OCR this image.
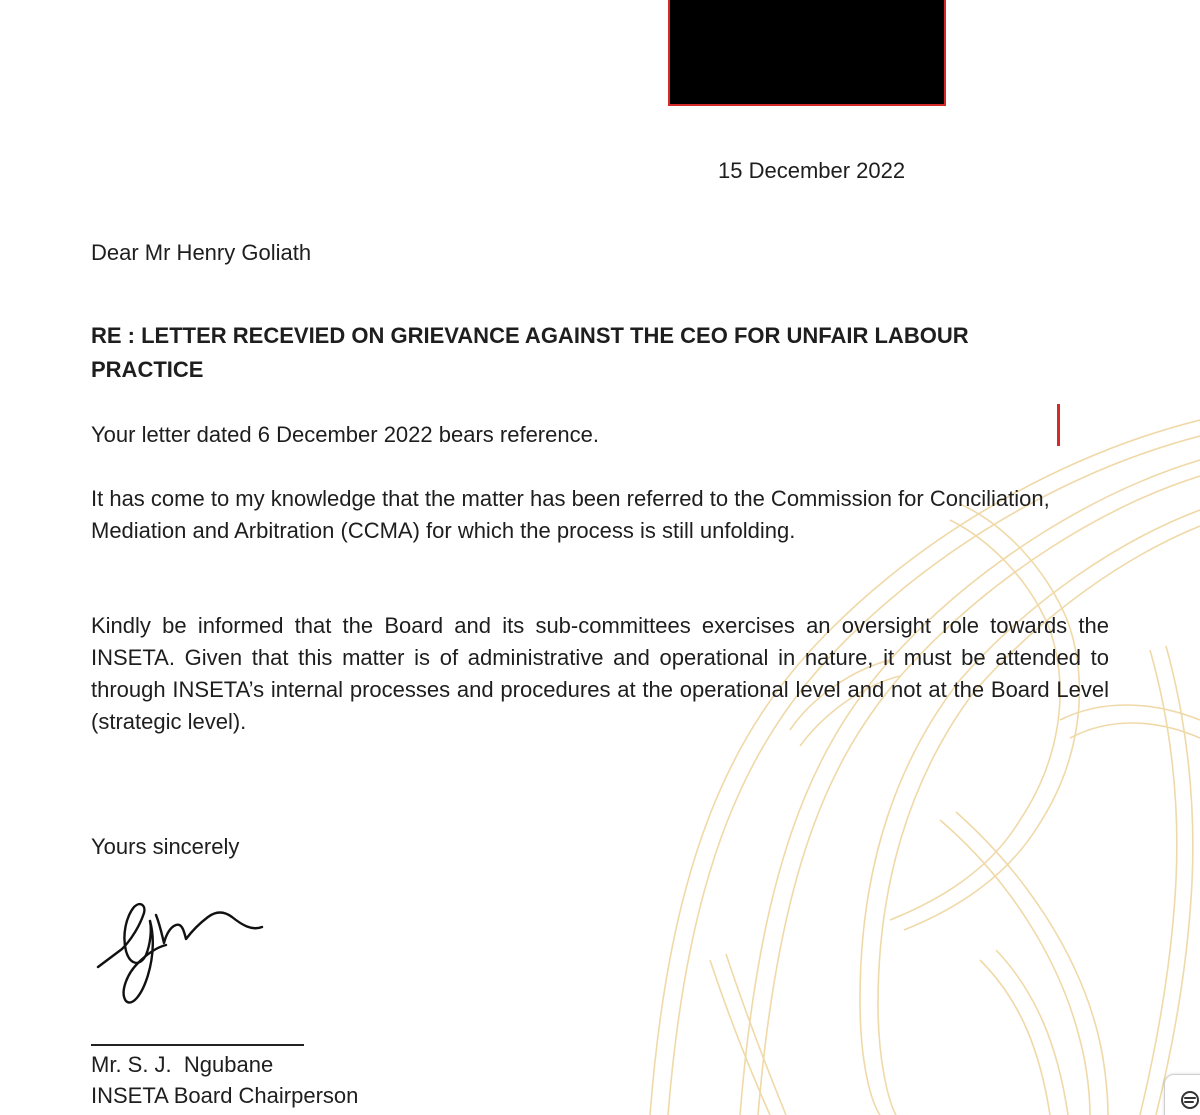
15 December 2022
Dear Mr Henry Goliath
RE : LETTER RECEVIED ON GRIEVANCE AGAINST THE CEO FOR UNFAIR LABOUR PRACTICE
Your letter dated 6 December 2022 bears reference.
It has come to my knowledge that the matter has been referred to the Commission for Conciliation, Mediation and Arbitration (CCMA) for which the process is still unfolding.
Kindly be informed that the Board and its sub-committees exercises an oversight role towards the INSETA. Given that this matter is of administrative and operational in nature, it must be attended to through INSETA’s internal processes and procedures at the operational level and not at the Board Level (strategic level).
Yours sincerely
Mr. S. J.  Ngubane
INSETA Board Chairperson
